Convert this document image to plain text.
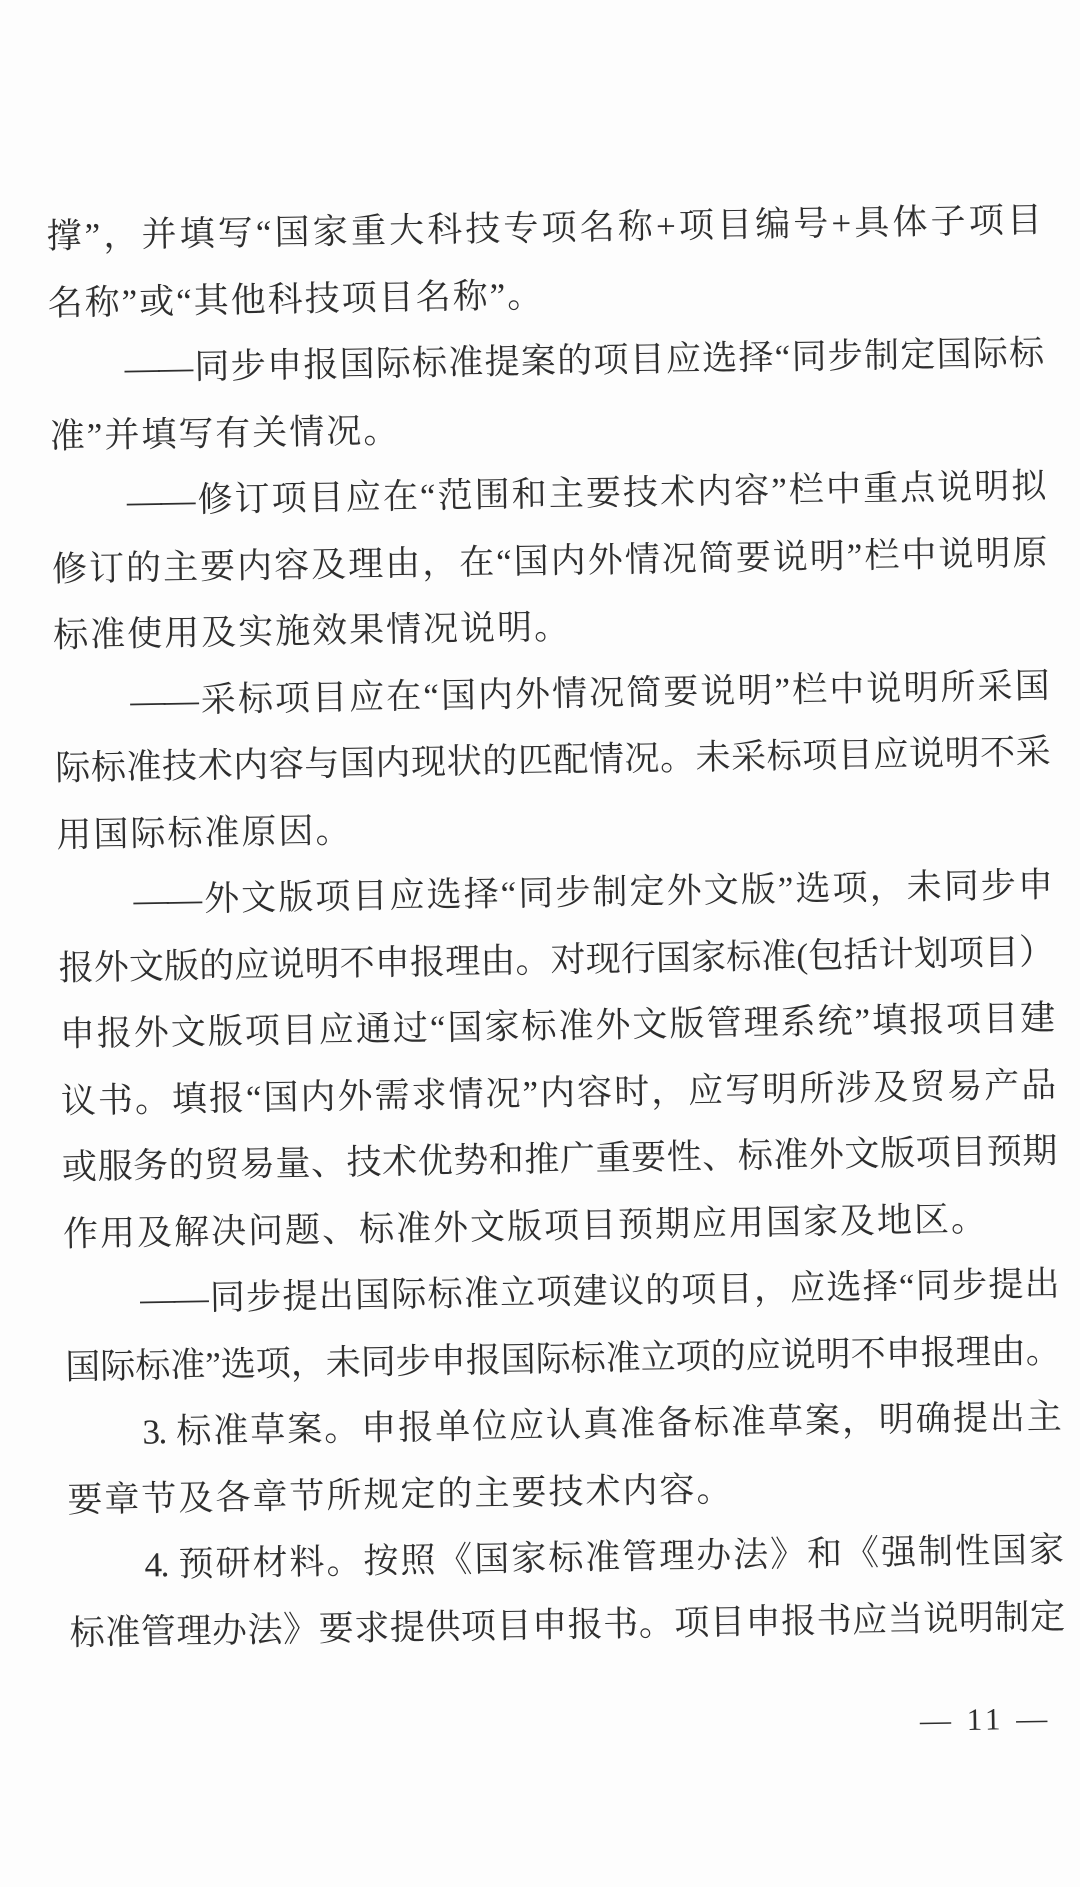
撑”，并填写“国家重大科技专项名称+项目编号+具体子项目
名称”或“其他科技项目名称”。
——同步申报国际标准提案的项目应选择“同步制定国际标
准”并填写有关情况。
——修订项目应在“范围和主要技术内容”栏中重点说明拟
修订的主要内容及理由，在“国内外情况简要说明”栏中说明原
标准使用及实施效果情况说明。
——采标项目应在“国内外情况简要说明”栏中说明所采国
际标准技术内容与国内现状的匹配情况。未采标项目应说明不采
用国际标准原因。
——外文版项目应选择“同步制定外文版”选项，未同步申
报外文版的应说明不申报理由。对现行国家标准(包括计划项目）
申报外文版项目应通过“国家标准外文版管理系统”填报项目建
议书。填报“国内外需求情况”内容时，应写明所涉及贸易产品
或服务的贸易量、技术优势和推广重要性、标准外文版项目预期
作用及解决问题、标准外文版项目预期应用国家及地区。
——同步提出国际标准立项建议的项目，应选择“同步提出
国际标准”选项，未同步申报国际标准立项的应说明不申报理由。
3. 标准草案。申报单位应认真准备标准草案，明确提出主
要章节及各章节所规定的主要技术内容。
4. 预研材料。按照《国家标准管理办法》和《强制性国家
标准管理办法》要求提供项目申报书。项目申报书应当说明制定
— 11 —
